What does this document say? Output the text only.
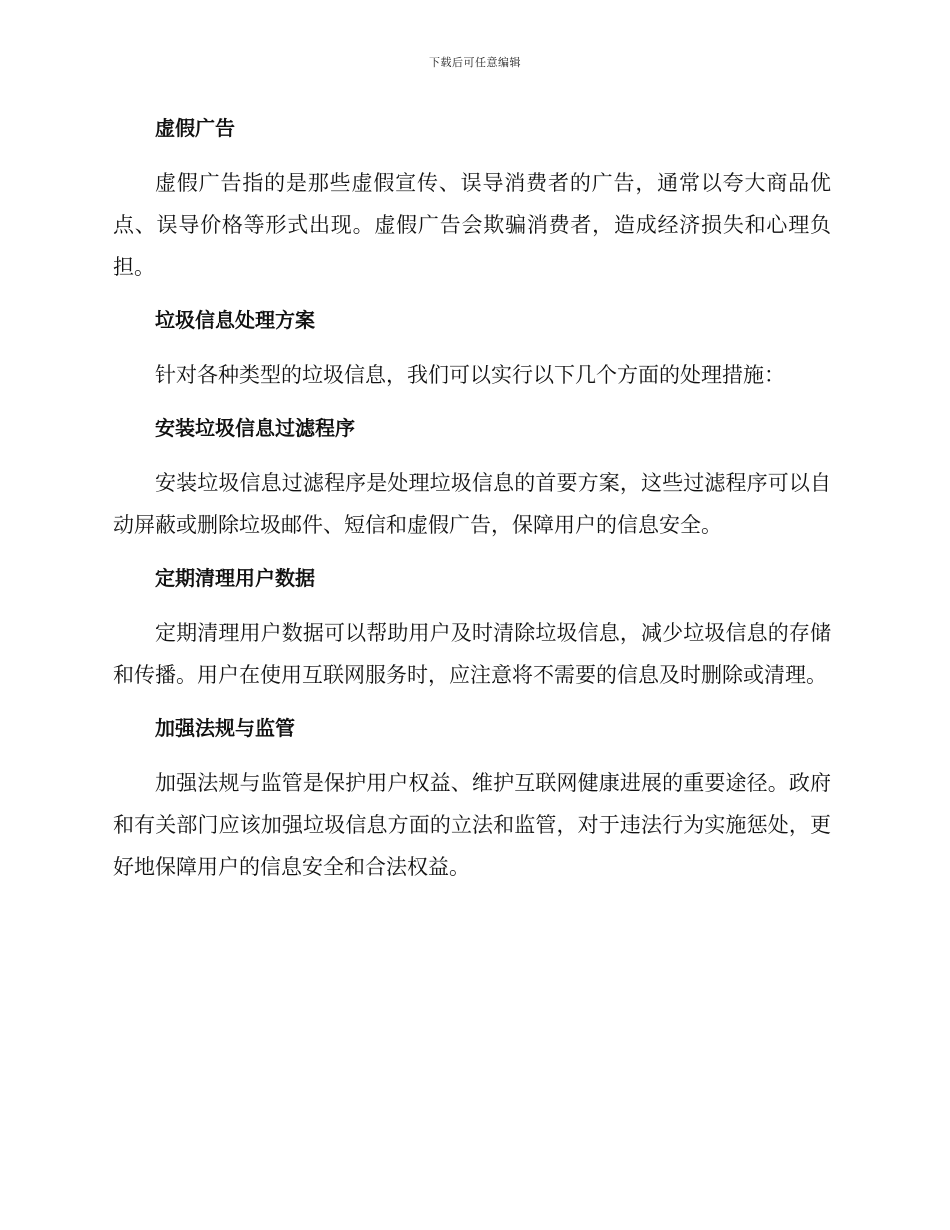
下载后可任意编辑
虚假广告

虚假广告指的是那些虚假宣传、误导消费者的广告，通常以夸大商品优点、误导价格等形式出现。虚假广告会欺骗消费者，造成经济损失和心理负担。

垃圾信息处理方案

针对各种类型的垃圾信息，我们可以实行以下几个方面的处理措施：

安装垃圾信息过滤程序

安装垃圾信息过滤程序是处理垃圾信息的首要方案，这些过滤程序可以自动屏蔽或删除垃圾邮件、短信和虚假广告，保障用户的信息安全。

定期清理用户数据

定期清理用户数据可以帮助用户及时清除垃圾信息，减少垃圾信息的存储和传播。用户在使用互联网服务时，应注意将不需要的信息及时删除或清理。

加强法规与监管

加强法规与监管是保护用户权益、维护互联网健康进展的重要途径。政府和有关部门应该加强垃圾信息方面的立法和监管，对于违法行为实施惩处，更好地保障用户的信息安全和合法权益。
